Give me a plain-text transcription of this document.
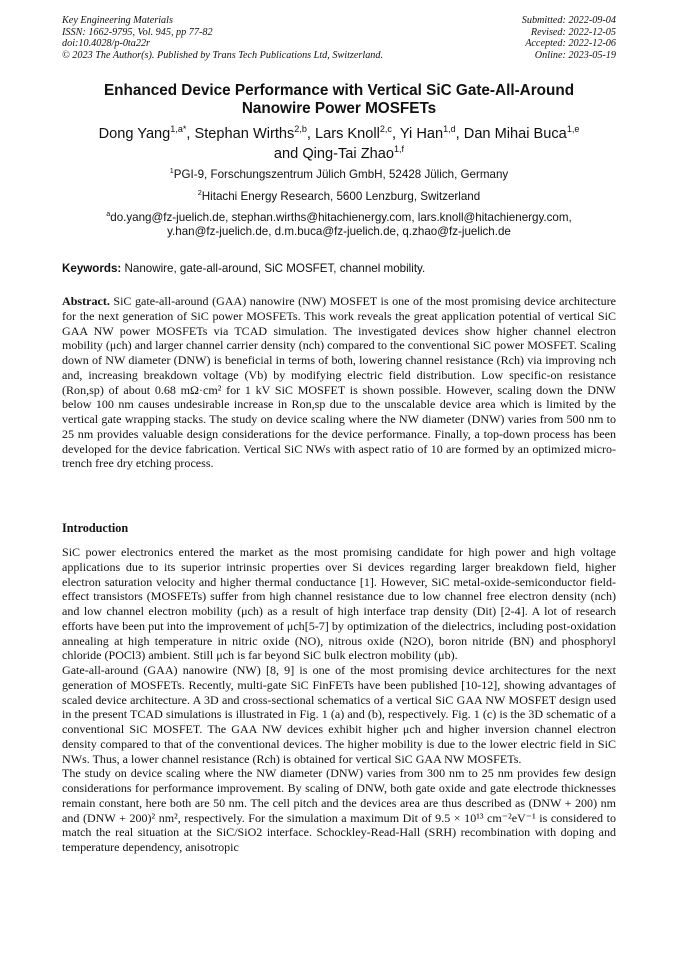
Key Engineering Materials
ISSN: 1662-9795, Vol. 945, pp 77-82
doi:10.4028/p-0ta22r
© 2023 The Author(s). Published by Trans Tech Publications Ltd, Switzerland.
Submitted: 2022-09-04
Revised: 2022-12-05
Accepted: 2022-12-06
Online: 2023-05-19
Enhanced Device Performance with Vertical SiC Gate-All-Around
Nanowire Power MOSFETs
Dong Yang$^{1,a*}$, Stephan Wirths$^{2,b}$, Lars Knoll$^{2,c}$, Yi Han$^{1,d}$, Dan Mihai Buca$^{1,e}$
and Qing-Tai Zhao$^{1,f}$
$^1$PGI-9, Forschungszentrum Jülich GmbH, 52428 Jülich, Germany
$^2$Hitachi Energy Research, 5600 Lenzburg, Switzerland
$^a$do.yang@fz-juelich.de, stephan.wirths@hitachienergy.com, lars.knoll@hitachienergy.com,
y.han@fz-juelich.de, d.m.buca@fz-juelich.de, q.zhao@fz-juelich.de
Keywords: Nanowire, gate-all-around, SiC MOSFET, channel mobility.
Abstract. SiC gate-all-around (GAA) nanowire (NW) MOSFET is one of the most promising device architecture for the next generation of SiC power MOSFETs. This work reveals the great application potential of vertical SiC GAA NW power MOSFETs via TCAD simulation. The investigated devices show higher channel electron mobility (μch) and larger channel carrier density (nch) compared to the conventional SiC power MOSFET. Scaling down of NW diameter (DNW) is beneficial in terms of both, lowering channel resistance (Rch) via improving nch and, increasing breakdown voltage (Vb) by modifying electric field distribution. Low specific-on resistance (Ron,sp) of about 0.68 mΩ·cm² for 1 kV SiC MOSFET is shown possible. However, scaling down the DNW below 100 nm causes undesirable increase in Ron,sp due to the unscalable device area which is limited by the vertical gate wrapping stacks. The study on device scaling where the NW diameter (DNW) varies from 500 nm to 25 nm provides valuable design considerations for the device performance. Finally, a top-down process has been developed for the device fabrication. Vertical SiC NWs with aspect ratio of 10 are formed by an optimized micro-trench free dry etching process.
Introduction

SiC power electronics entered the market as the most promising candidate for high power and high voltage applications due to its superior intrinsic properties over Si devices regarding larger breakdown field, higher electron saturation velocity and higher thermal conductance [1]. However, SiC metal-oxide-semiconductor field-effect transistors (MOSFETs) suffer from high channel resistance due to low channel free electron density (nch) and low channel electron mobility (μch) as a result of high interface trap density (Dit) [2-4]. A lot of research efforts have been put into the improvement of μch[5-7] by optimization of the dielectrics, including post-oxidation annealing at high temperature in nitric oxide (NO), nitrous oxide (N2O), boron nitride (BN) and phosphoryl chloride (POCl3) ambient. Still μch is far beyond SiC bulk electron mobility (μb).

Gate-all-around (GAA) nanowire (NW) [8, 9] is one of the most promising device architectures for the next generation of MOSFETs. Recently, multi-gate SiC FinFETs have been published [10-12], showing advantages of scaled device architecture. A 3D and cross-sectional schematics of a vertical SiC GAA NW MOSFET design used in the present TCAD simulations is illustrated in Fig. 1 (a) and (b), respectively. Fig. 1 (c) is the 3D schematic of a conventional SiC MOSFET. The GAA NW devices exhibit higher μch and higher inversion channel electron density compared to that of the conventional devices. The higher mobility is due to the lower electric field in SiC NWs. Thus, a lower channel resistance (Rch) is obtained for vertical SiC GAA NW MOSFETs.

The study on device scaling where the NW diameter (DNW) varies from 300 nm to 25 nm provides few design considerations for performance improvement. By scaling of DNW, both gate oxide and gate electrode thicknesses remain constant, here both are 50 nm. The cell pitch and the devices area are thus described as (DNW + 200) nm and (DNW + 200)² nm², respectively. For the simulation a maximum Dit of 9.5 × 10¹³ cm⁻²eV⁻¹ is considered to match the real situation at the SiC/SiO2 interface. Schockley-Read-Hall (SRH) recombination with doping and temperature dependency, anisotropic
